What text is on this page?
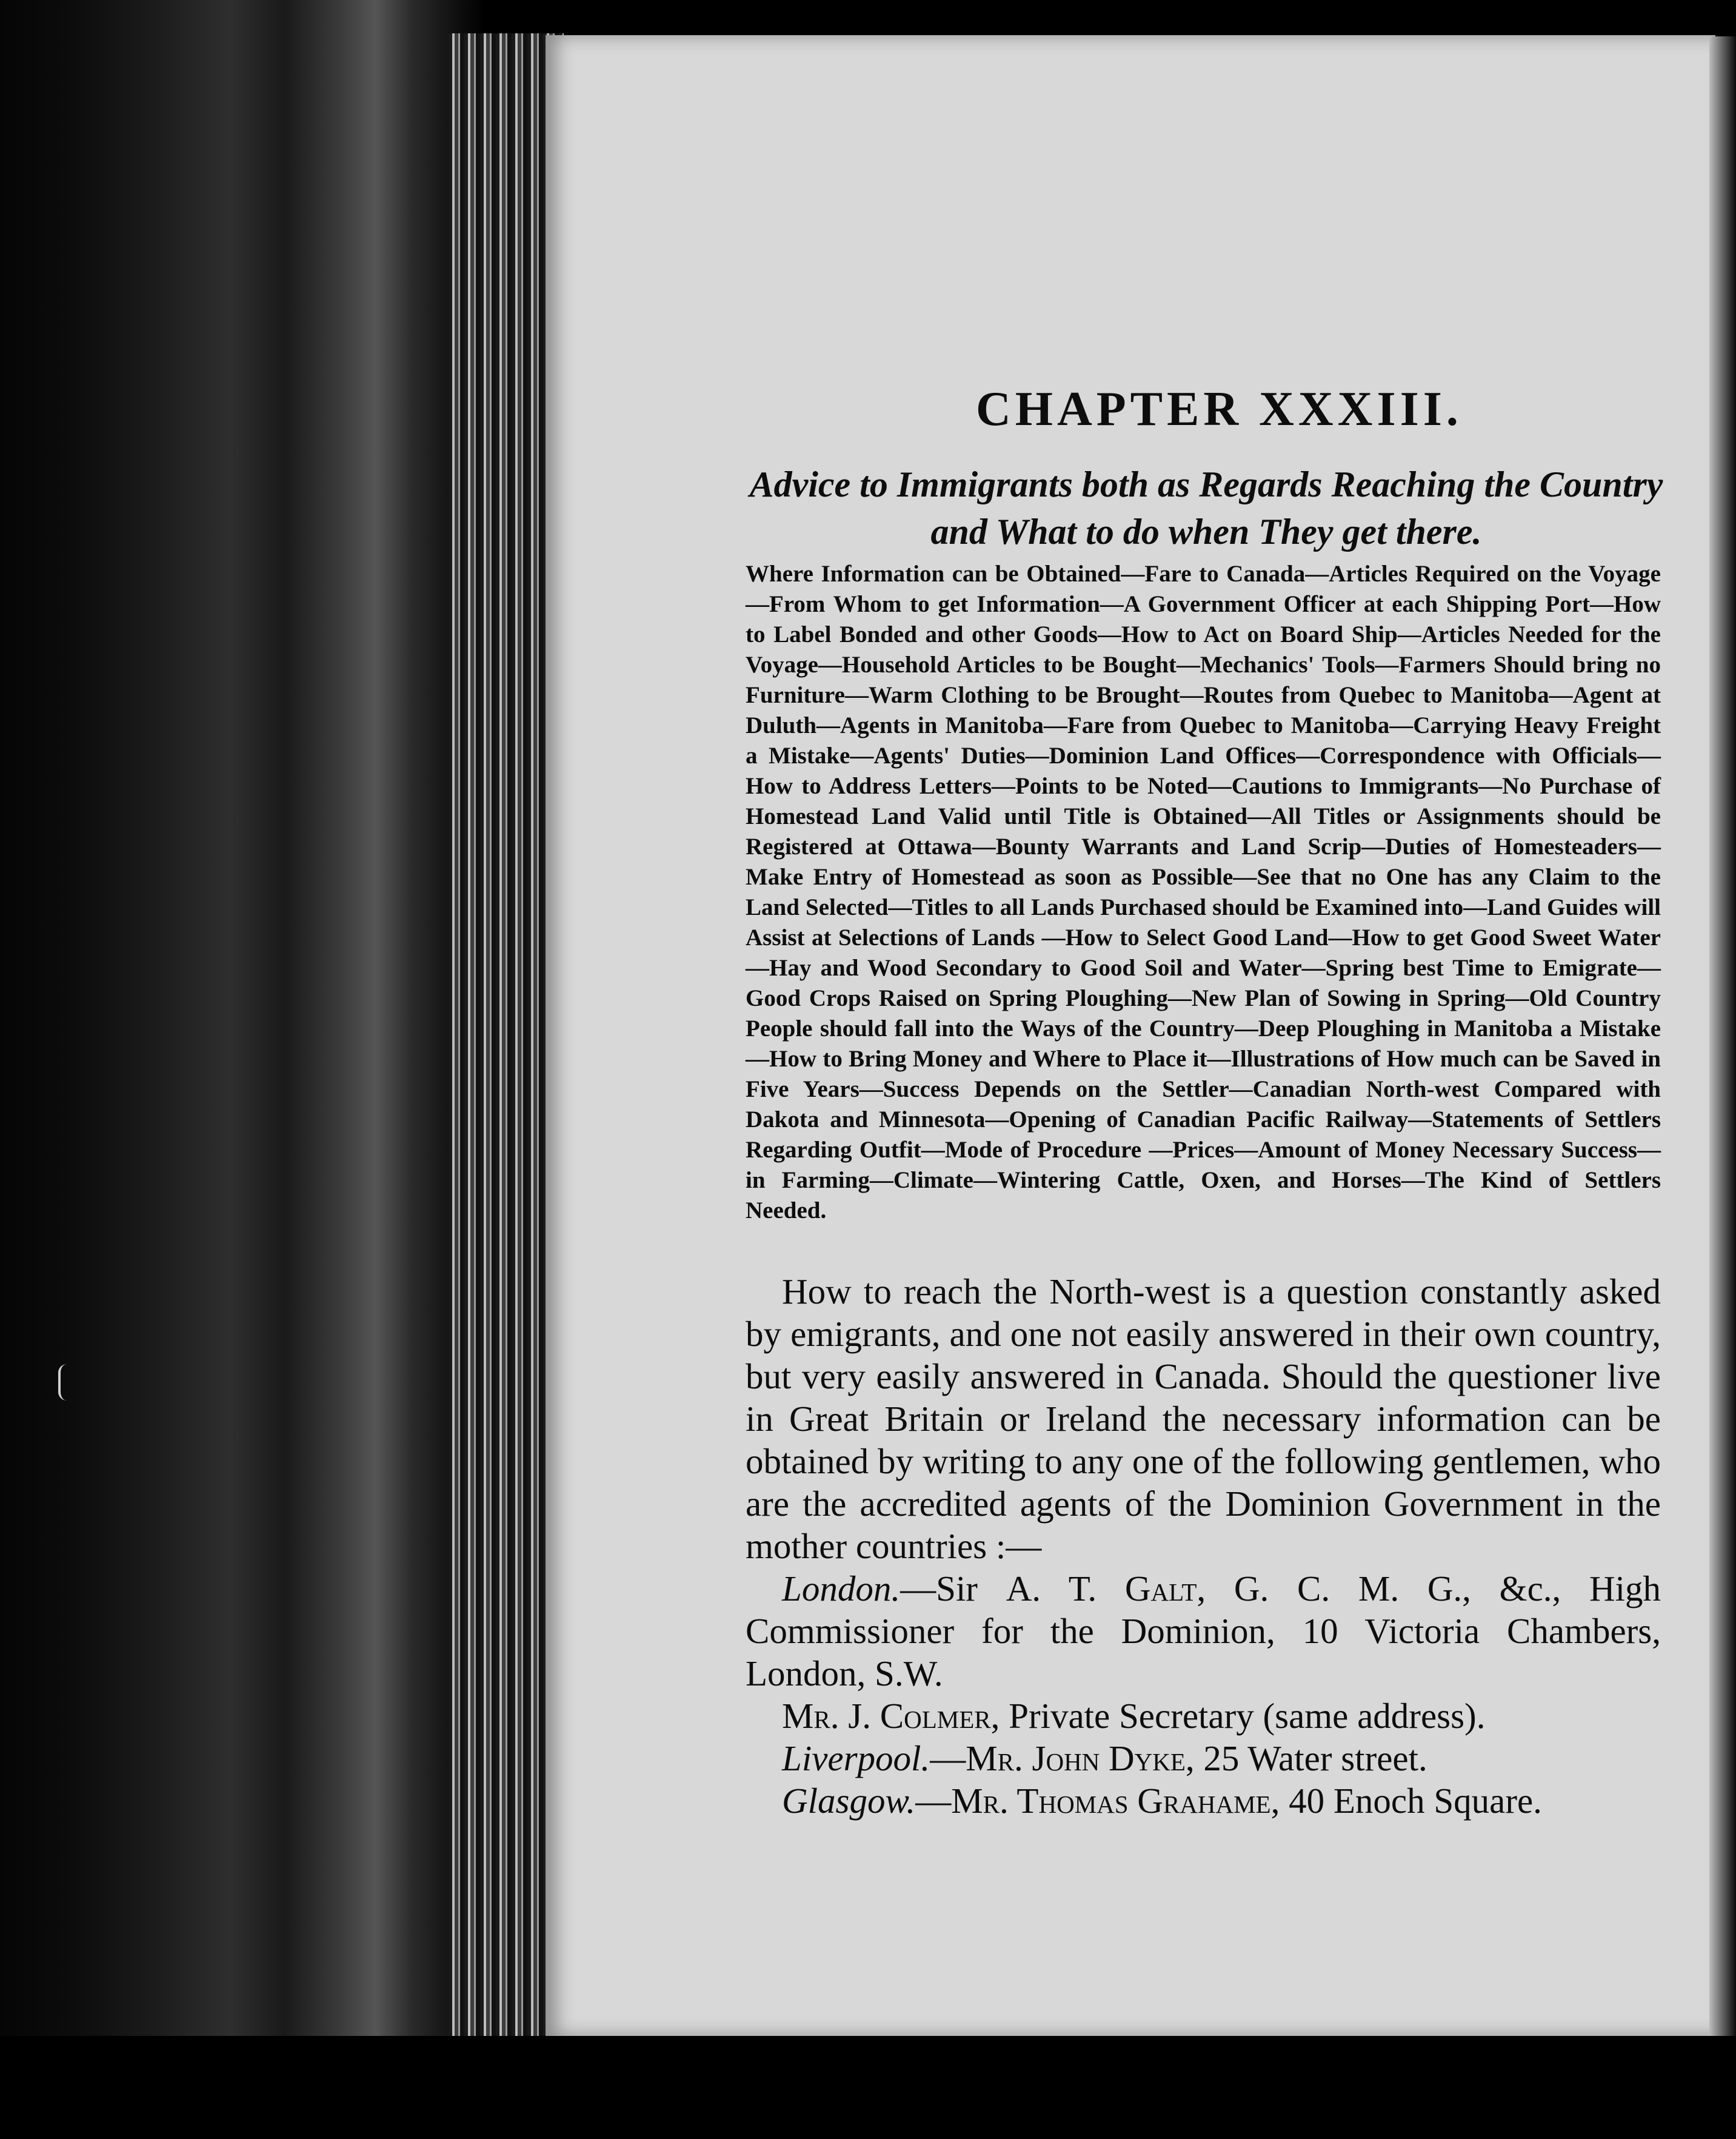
CHAPTER XXXIII.
Advice to Immigrants both as Regards Reaching the Country
and What to do when They get there.

Where Information can be Obtained—Fare to Canada—Articles Required on the Voyage—From Whom to get Information—A Government Officer at each Shipping Port—How to Label Bonded and other Goods—How to Act on Board Ship—Articles Needed for the Voyage—Household Articles to be Bought—Mechanics' Tools—Farmers Should bring no Furniture—Warm Clothing to be Brought—Routes from Quebec to Manitoba—Agent at Duluth—Agents in Manitoba—Fare from Quebec to Manitoba—Carrying Heavy Freight a Mistake—Agents' Duties—Dominion Land Offices—Correspondence with Officials—How to Address Letters—Points to be Noted—Cautions to Immigrants—No Purchase of Homestead Land Valid until Title is Obtained—All Titles or Assignments should be Registered at Ottawa—Bounty Warrants and Land Scrip—Duties of Homesteaders—Make Entry of Homestead as soon as Possible—See that no One has any Claim to the Land Selected—Titles to all Lands Purchased should be Examined into—Land Guides will Assist at Selections of Lands —How to Select Good Land—How to get Good Sweet Water—Hay and Wood Secondary to Good Soil and Water—Spring best Time to Emigrate—Good Crops Raised on Spring Ploughing—New Plan of Sowing in Spring—Old Country People should fall into the Ways of the Country—Deep Ploughing in Manitoba a Mistake—How to Bring Money and Where to Place it—Illustrations of How much can be Saved in Five Years—Success Depends on the Settler—Canadian North-west Compared with Dakota and Minnesota—Opening of Canadian Pacific Railway—Statements of Settlers Regarding Outfit—Mode of Procedure —Prices—Amount of Money Necessary Success—in Farming—Climate—Wintering Cattle, Oxen, and Horses—The Kind of Settlers Needed.

How to reach the North-west is a question constantly asked by emigrants, and one not easily answered in their own country, but very easily answered in Canada. Should the questioner live in Great Britain or Ireland the necessary information can be obtained by writing to any one of the following gentlemen, who are the accredited agents of the Dominion Government in the mother countries :—

London.—Sir A. T. Galt, G. C. M. G., &c., High Commissioner for the Dominion, 10 Victoria Chambers, London, S.W.

Mr. J. Colmer, Private Secretary (same address).

Liverpool.—Mr. John Dyke, 25 Water street.

Glasgow.—Mr. Thomas Grahame, 40 Enoch Square.
